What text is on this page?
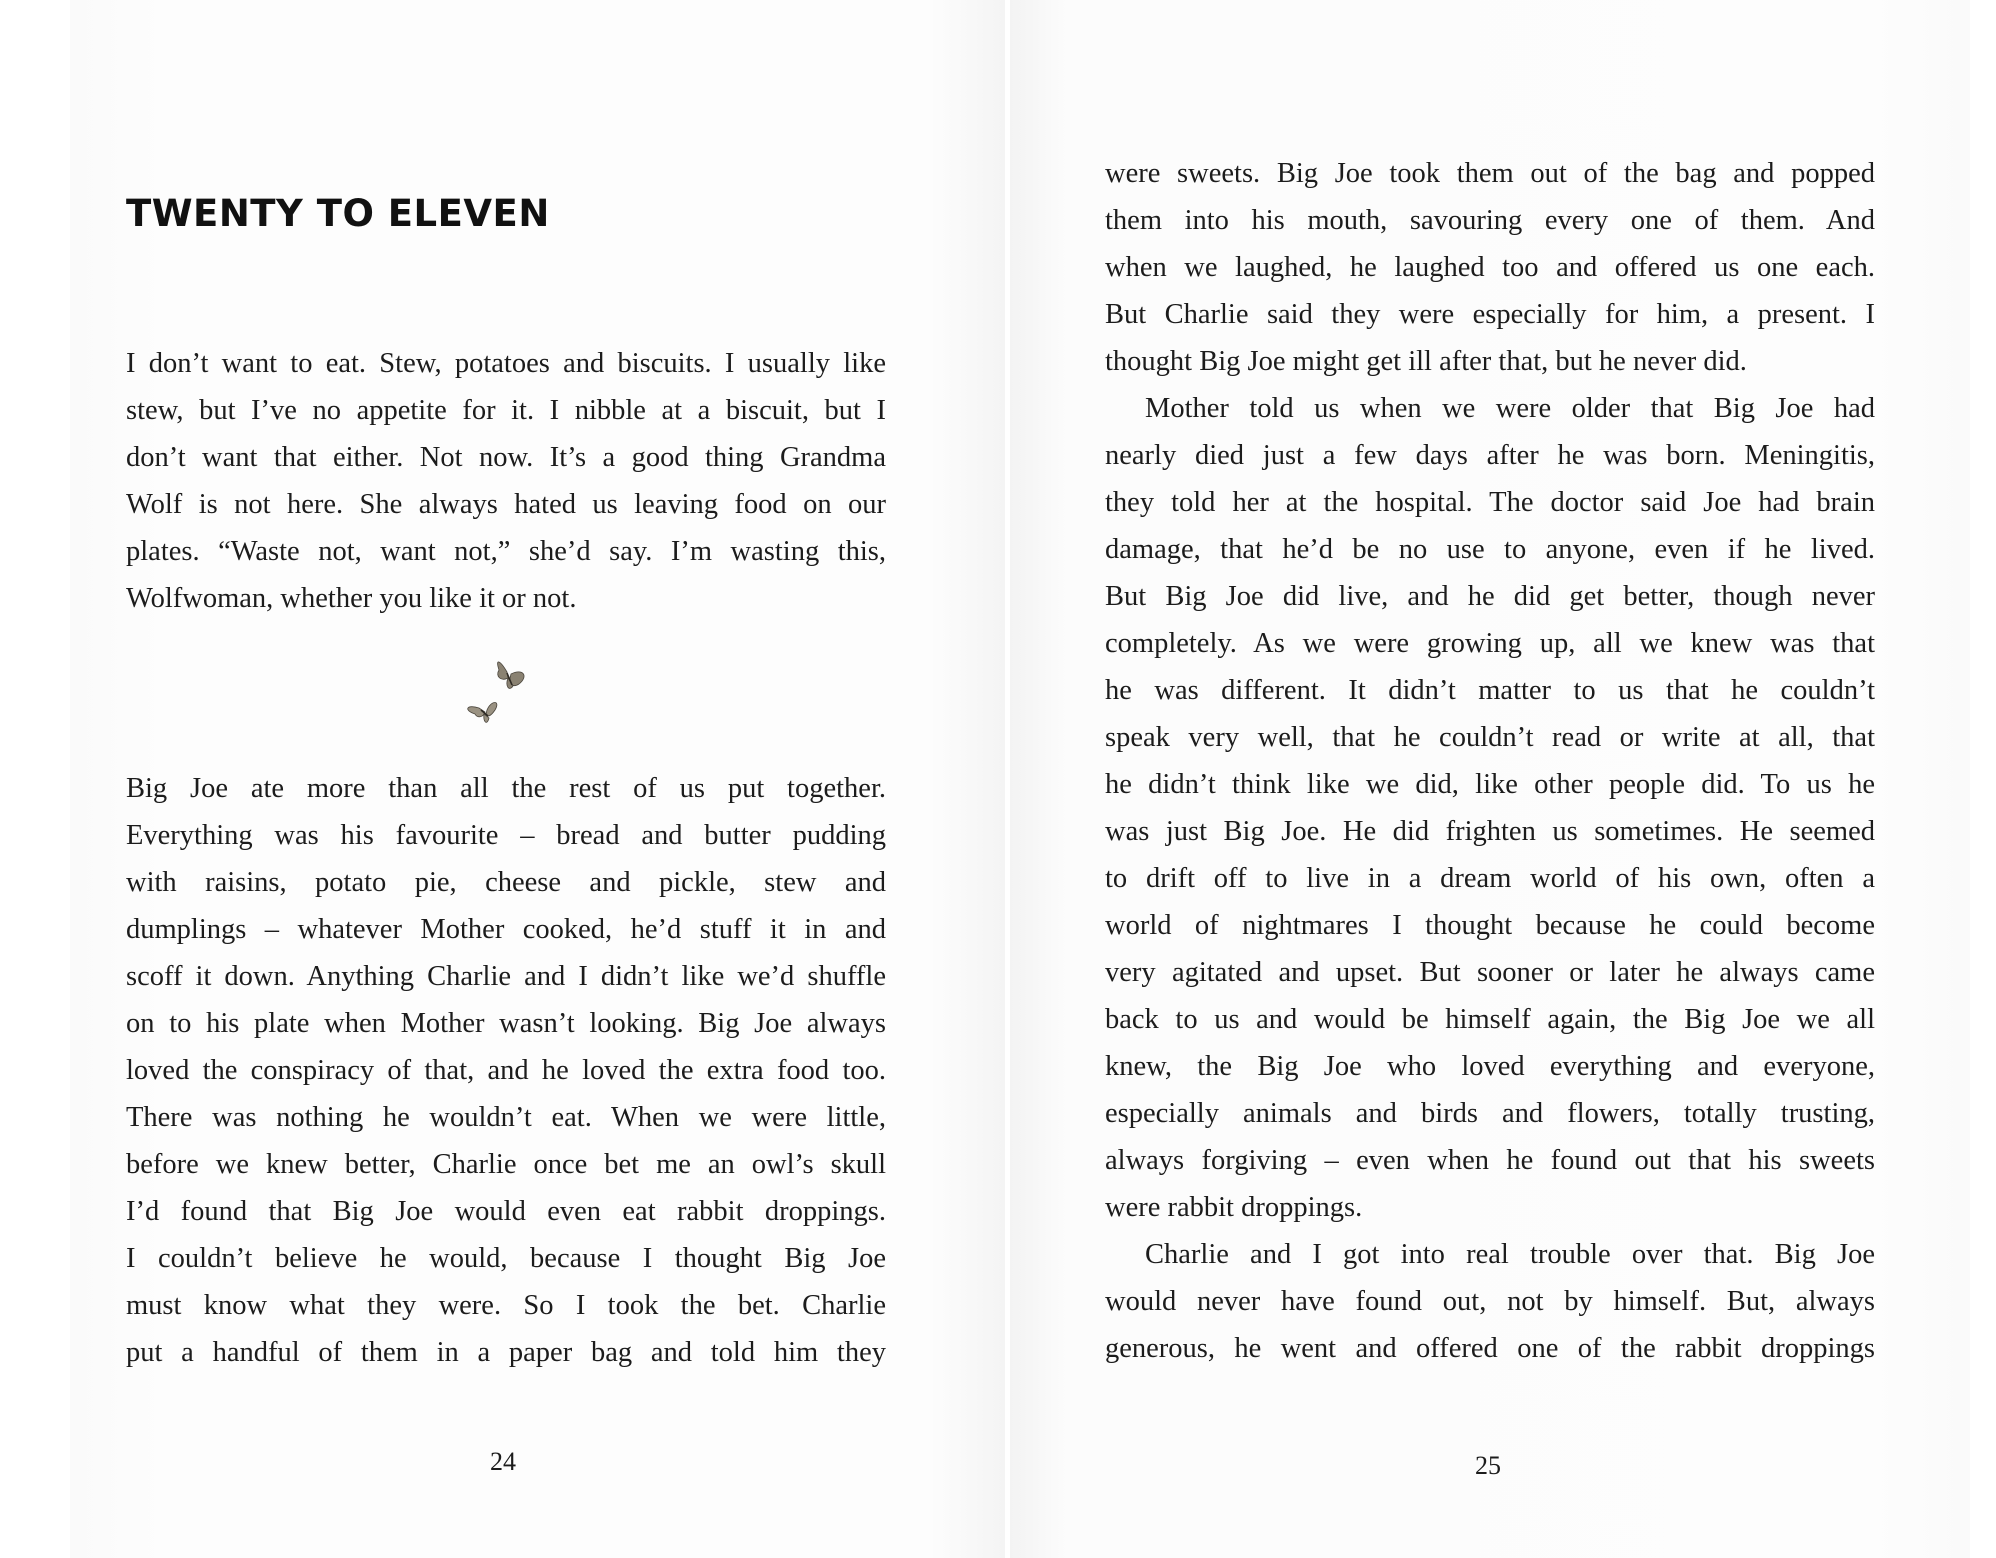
TWENTY TO ELEVEN
I don’t want to eat. Stew, potatoes and biscuits. I usually like
stew, but I’ve no appetite for it. I nibble at a biscuit, but I
don’t want that either. Not now. It’s a good thing Grandma
Wolf is not here. She always hated us leaving food on our
plates. “Waste not, want not,” she’d say. I’m wasting this,
Wolfwoman, whether you like it or not.
Big Joe ate more than all the rest of us put together.
Everything was his favourite – bread and butter pudding
with raisins, potato pie, cheese and pickle, stew and
dumplings – whatever Mother cooked, he’d stuff it in and
scoff it down. Anything Charlie and I didn’t like we’d shuffle
on to his plate when Mother wasn’t looking. Big Joe always
loved the conspiracy of that, and he loved the extra food too.
There was nothing he wouldn’t eat. When we were little,
before we knew better, Charlie once bet me an owl’s skull
I’d found that Big Joe would even eat rabbit droppings.
I couldn’t believe he would, because I thought Big Joe
must know what they were. So I took the bet. Charlie
put a handful of them in a paper bag and told him they
24
were sweets. Big Joe took them out of the bag and popped
them into his mouth, savouring every one of them. And
when we laughed, he laughed too and offered us one each.
But Charlie said they were especially for him, a present. I
thought Big Joe might get ill after that, but he never did.
Mother told us when we were older that Big Joe had
nearly died just a few days after he was born. Meningitis,
they told her at the hospital. The doctor said Joe had brain
damage, that he’d be no use to anyone, even if he lived.
But Big Joe did live, and he did get better, though never
completely. As we were growing up, all we knew was that
he was different. It didn’t matter to us that he couldn’t
speak very well, that he couldn’t read or write at all, that
he didn’t think like we did, like other people did. To us he
was just Big Joe. He did frighten us sometimes. He seemed
to drift off to live in a dream world of his own, often a
world of nightmares I thought because he could become
very agitated and upset. But sooner or later he always came
back to us and would be himself again, the Big Joe we all
knew, the Big Joe who loved everything and everyone,
especially animals and birds and flowers, totally trusting,
always forgiving – even when he found out that his sweets
were rabbit droppings.
Charlie and I got into real trouble over that. Big Joe
would never have found out, not by himself. But, always
generous, he went and offered one of the rabbit droppings
25
